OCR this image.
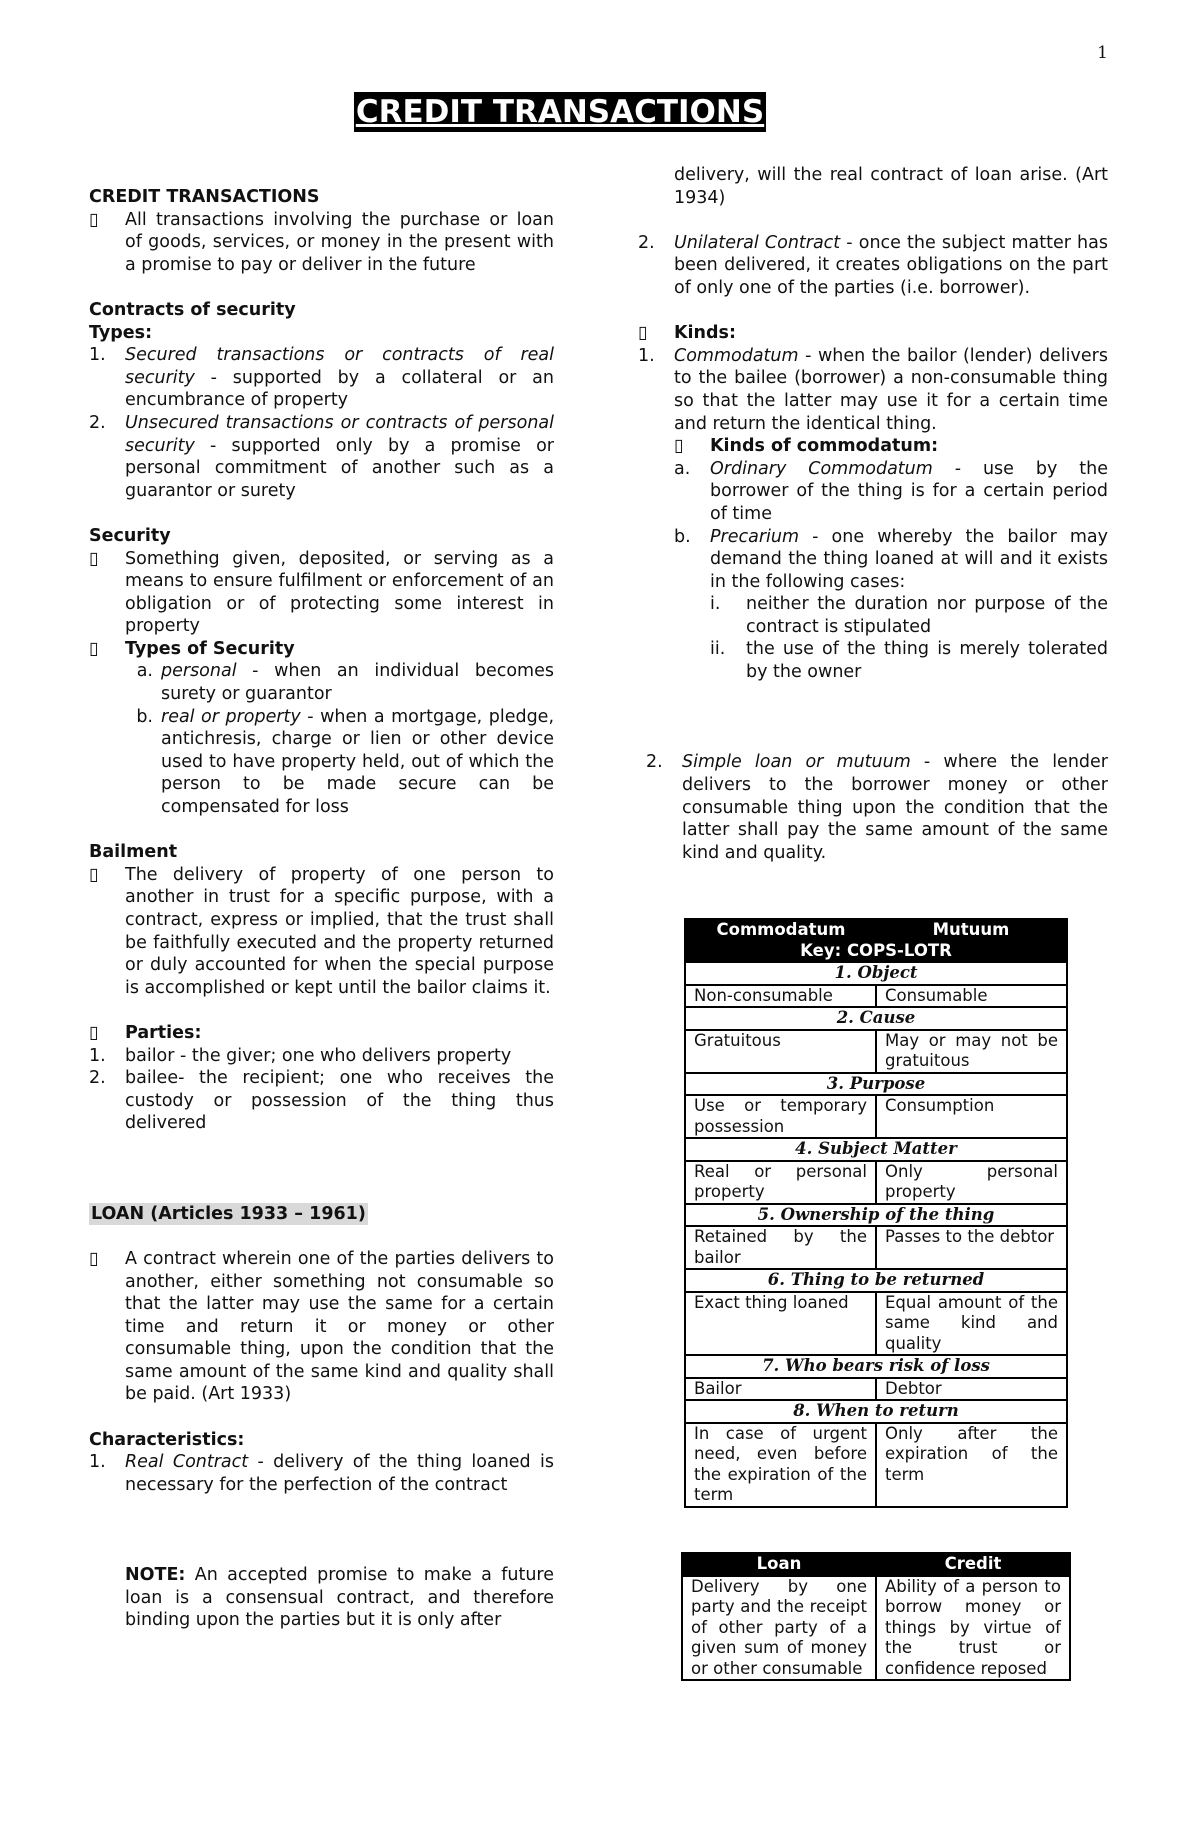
1
CREDIT TRANSACTIONS
CREDIT TRANSACTIONS
▯	All transactions involving the purchase or loan of goods, services, or money in the present with a promise to pay or deliver in the future
Contracts of security
Types:
1.	Secured transactions or contracts of real security - supported by a collateral or an encumbrance of property
2.	Unsecured transactions or contracts of personal security - supported only by a promise or personal commitment of another such as a guarantor or surety
Security
▯	Something given, deposited, or serving as a means to ensure fulfilment or enforcement of an obligation or of protecting some interest in property
▯	Types of Security
a. personal - when an individual becomes surety or guarantor
b. real or property - when a mortgage, pledge, antichresis, charge or lien or other device used to have property held, out of which the person to be made secure can be compensated for loss
Bailment
▯	The delivery of property of one person to another in trust for a specific purpose, with a contract, express or implied, that the trust shall be faithfully executed and the property returned or duly accounted for when the special purpose is accomplished or kept until the bailor claims it.
▯	Parties:
1.	bailor - the giver; one who delivers property
2.	bailee- the recipient; one who receives the custody or possession of the thing thus delivered
LOAN (Articles 1933 – 1961)
▯	A contract wherein one of the parties delivers to another, either something not consumable so that the latter may use the same for a certain time and return it or money or other consumable thing, upon the condition that the same amount of the same kind and quality shall be paid. (Art 1933)
Characteristics:
1.	Real Contract - delivery of the thing loaned is necessary for the perfection of the contract
NOTE: An accepted promise to make a future loan is a consensual contract, and therefore binding upon the parties but it is only after
delivery, will the real contract of loan arise. (Art 1934)
2.	Unilateral Contract - once the subject matter has been delivered, it creates obligations on the part of only one of the parties (i.e. borrower).
▯	Kinds:
1.	Commodatum - when the bailor (lender) delivers to the bailee (borrower) a non-consumable thing so that the latter may use it for a certain time and return the identical thing.
▯	Kinds of commodatum:
a.	Ordinary Commodatum - use by the borrower of the thing is for a certain period of time
b.	Precarium - one whereby the bailor may demand the thing loaned at will and it exists in the following cases:
i.	neither the duration nor purpose of the contract is stipulated
ii.	the use of the thing is merely tolerated by the owner
2.	Simple loan or mutuum - where the lender delivers to the borrower money or other consumable thing upon the condition that the latter shall pay the same amount of the same kind and quality.
Commodatum Mutuum
Key: COPS-LOTR	

1. Object	
Non-consumable	Consumable
2. Cause	
Gratuitous	May or may not be gratuitous
3. Purpose	
Use or temporary possession	Consumption
4. Subject Matter	
Real or personal property	Only personal property
5. Ownership of the thing	
Retained by the bailor	Passes to the debtor
6. Thing to be returned	
Exact thing loaned	Equal amount of the same kind and quality
7. Who bears risk of loss	
Bailor	Debtor
8. When to return	
In case of urgent need, even before the expiration of the term	Only after the expiration of the term
Loan	Credit
Delivery by one party and the receipt of other party of a given sum of money or other consumable	Ability of a person to borrow money or things by virtue of the trust or confidence reposed
